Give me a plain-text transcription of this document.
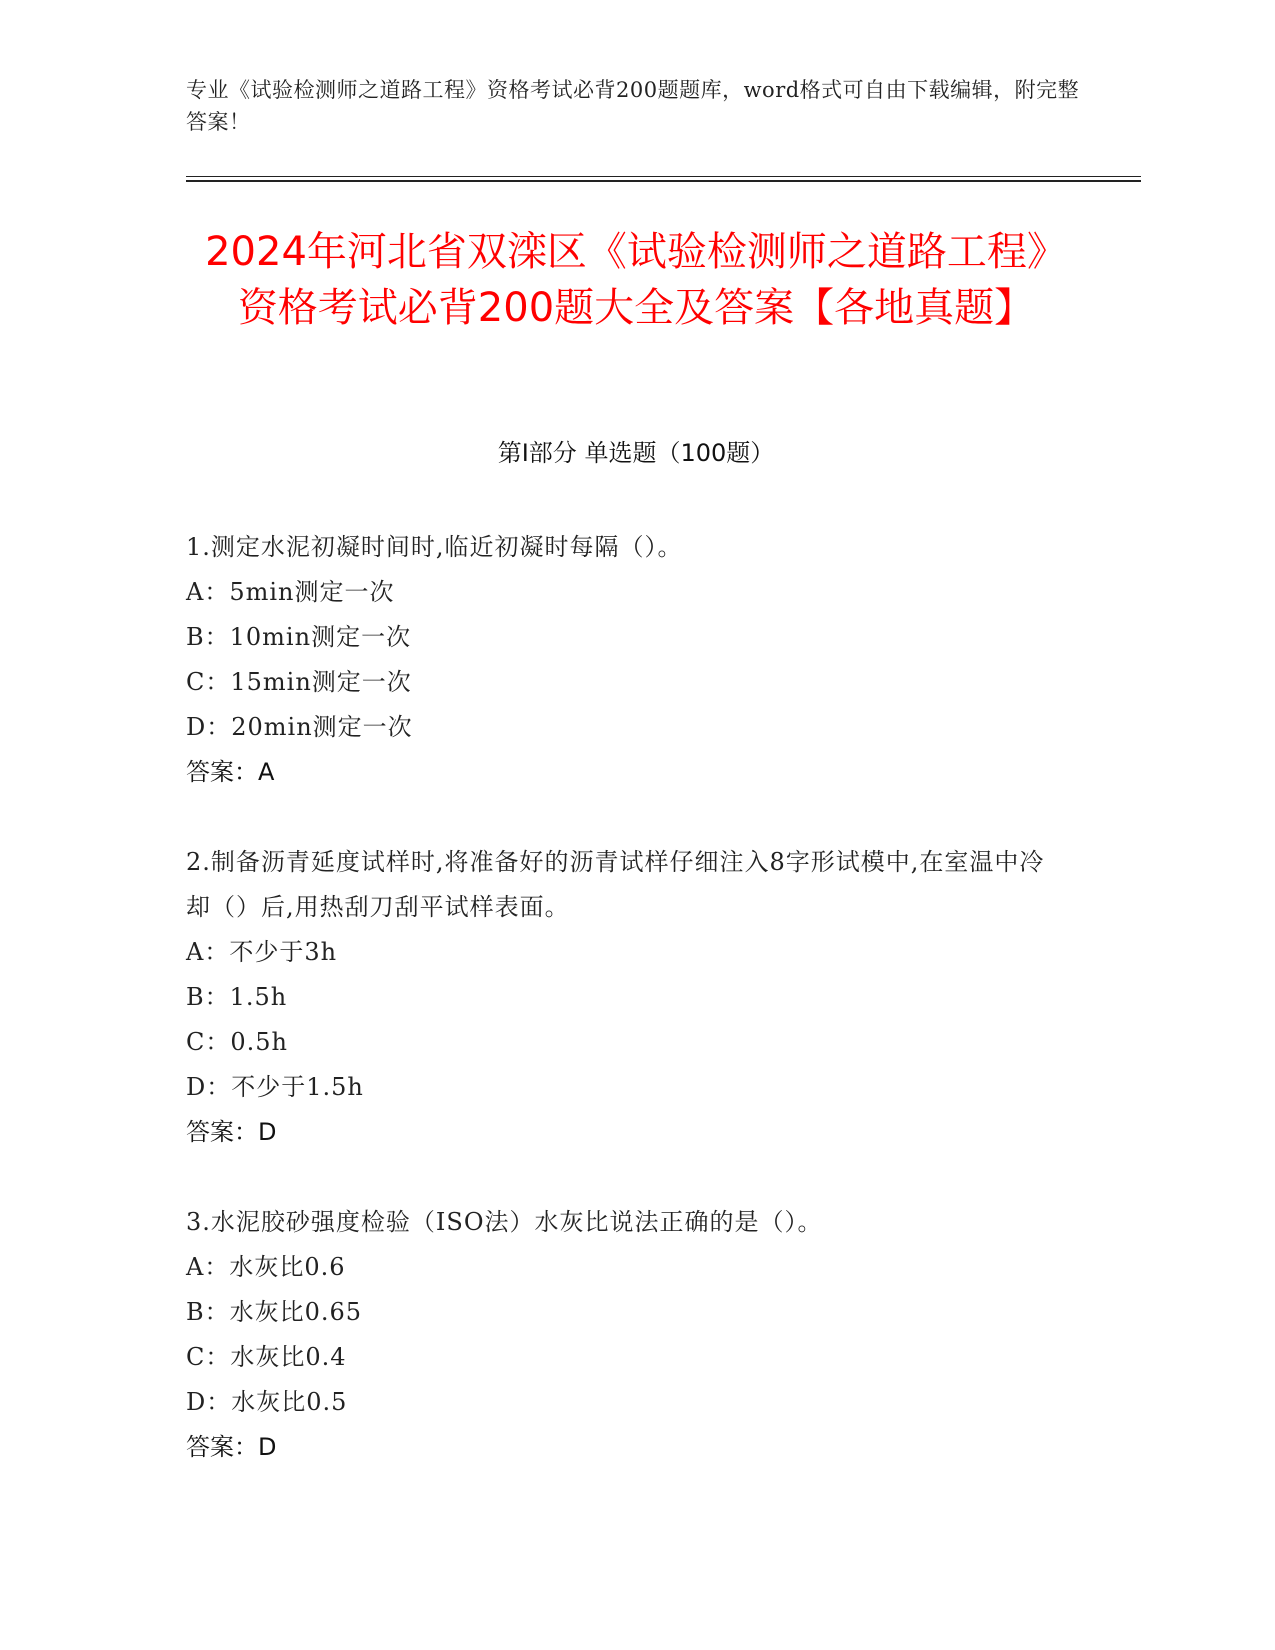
专业《试验检测师之道路工程》资格考试必背200题题库，word格式可自由下载编辑，附完整答案！
2024年河北省双滦区《试验检测师之道路工程》资格考试必背200题大全及答案【各地真题】
第I部分 单选题（100题）
1.测定水泥初凝时间时,临近初凝时每隔（）。
A：5min测定一次
B：10min测定一次
C：15min测定一次
D：20min测定一次
答案：A
2.制备沥青延度试样时,将准备好的沥青试样仔细注入8字形试模中,在室温中冷却（）后,用热刮刀刮平试样表面。
A：不少于3h
B：1.5h
C：0.5h
D：不少于1.5h
答案：D
3.水泥胶砂强度检验（ISO法）水灰比说法正确的是（）。
A：水灰比0.6
B：水灰比0.65
C：水灰比0.4
D：水灰比0.5
答案：D
